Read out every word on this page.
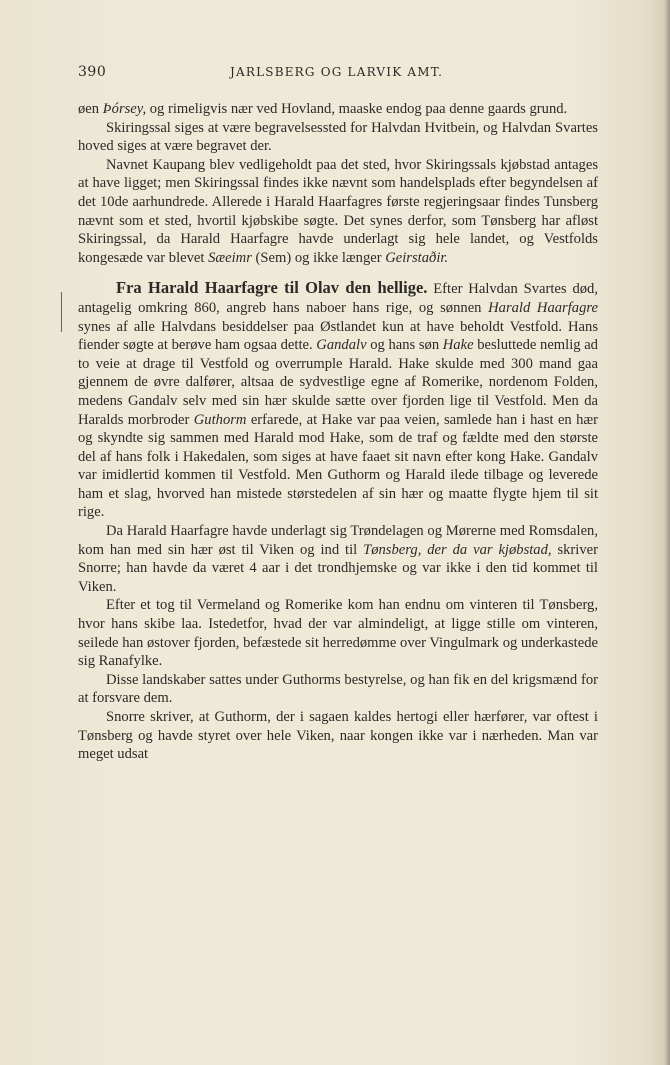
390	JARLSBERG OG LARVIK AMT.

øen Þórsey, og rimeligvis nær ved Hovland, maaske endog paa denne gaards grund.

Skiringssal siges at være begravelsessted for Halvdan Hvitbein, og Halvdan Svartes hoved siges at være begravet der.

Navnet Kaupang blev vedligeholdt paa det sted, hvor Skiringssals kjøbstad antages at have ligget; men Skiringssal findes ikke nævnt som handelsplads efter begyndelsen af det 10de aarhundrede. Allerede i Harald Haarfagres første regjeringsaar findes Tunsberg nævnt som et sted, hvortil kjøbskibe søgte. Det synes derfor, som Tønsberg har afløst Skiringssal, da Harald Haarfagre havde underlagt sig hele landet, og Vestfolds kongesæde var blevet Sæeimr (Sem) og ikke længer Geirstaðir.

Fra Harald Haarfagre til Olav den hellige. Efter Halvdan Svartes død, antagelig omkring 860, angreb hans naboer hans rige, og sønnen Harald Haarfagre synes af alle Halvdans besiddelser paa Østlandet kun at have beholdt Vestfold. Hans fiender søgte at berøve ham ogsaa dette. Gandalv og hans søn Hake besluttede nemlig ad to veie at drage til Vestfold og overrumple Harald. Hake skulde med 300 mand gaa gjennem de øvre dalfører, altsaa de sydvestlige egne af Romerike, nordenom Folden, medens Gandalv selv med sin hær skulde sætte over fjorden lige til Vestfold. Men da Haralds morbroder Guthorm erfarede, at Hake var paa veien, samlede han i hast en hær og skyndte sig sammen med Harald mod Hake, som de traf og fældte med den største del af hans folk i Hakedalen, som siges at have faaet sit navn efter kong Hake. Gandalv var imidlertid kommen til Vestfold. Men Guthorm og Harald ilede tilbage og leverede ham et slag, hvorved han mistede størstedelen af sin hær og maatte flygte hjem til sit rige.

Da Harald Haarfagre havde underlagt sig Trøndelagen og Mørerne med Romsdalen, kom han med sin hær øst til Viken og ind til Tønsberg, der da var kjøbstad, skriver Snorre; han havde da været 4 aar i det trondhjemske og var ikke i den tid kommet til Viken.

Efter et tog til Vermeland og Romerike kom han endnu om vinteren til Tønsberg, hvor hans skibe laa. Istedetfor, hvad der var almindeligt, at ligge stille om vinteren, seilede han østover fjorden, befæstede sit herredømme over Vingulmark og underkastede sig Ranafylke.

Disse landskaber sattes under Guthorms bestyrelse, og han fik en del krigsmænd for at forsvare dem.

Snorre skriver, at Guthorm, der i sagaen kaldes hertogi eller hærfører, var oftest i Tønsberg og havde styret over hele Viken, naar kongen ikke var i nærheden. Man var meget udsat
